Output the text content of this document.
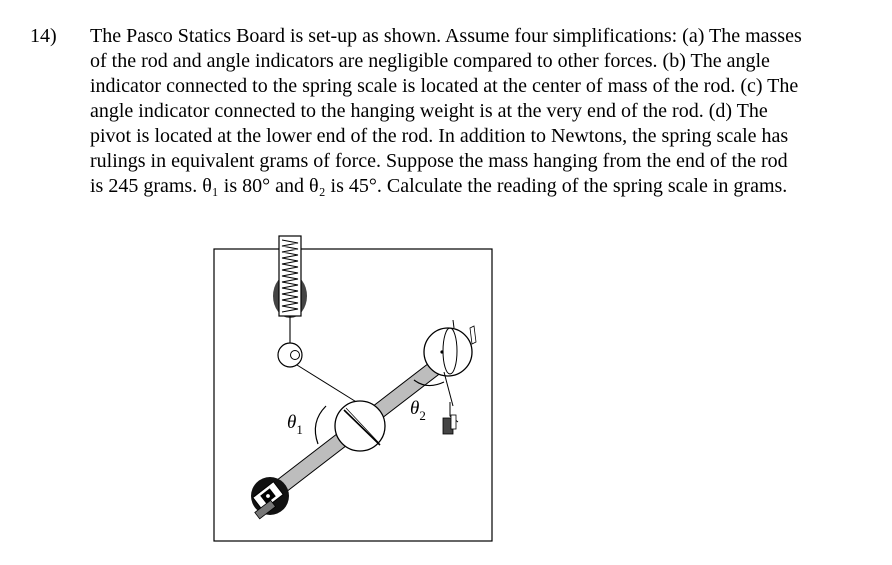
14) The Pasco Statics Board is set-up as shown. Assume four simplifications: (a) The masses
of the rod and angle indicators are negligible compared to other forces. (b) The angle
indicator connected to the spring scale is located at the center of mass of the rod. (c) The
angle indicator connected to the hanging weight is at the very end of the rod. (d) The
pivot is located at the lower end of the rod. In addition to Newtons, the spring scale has
rulings in equivalent grams of force. Suppose the mass hanging from the end of the rod
is 245 grams. θ₁ is 80° and θ₂ is 45°. Calculate the reading of the spring scale in grams.
$\theta_1$
$\theta_2$
